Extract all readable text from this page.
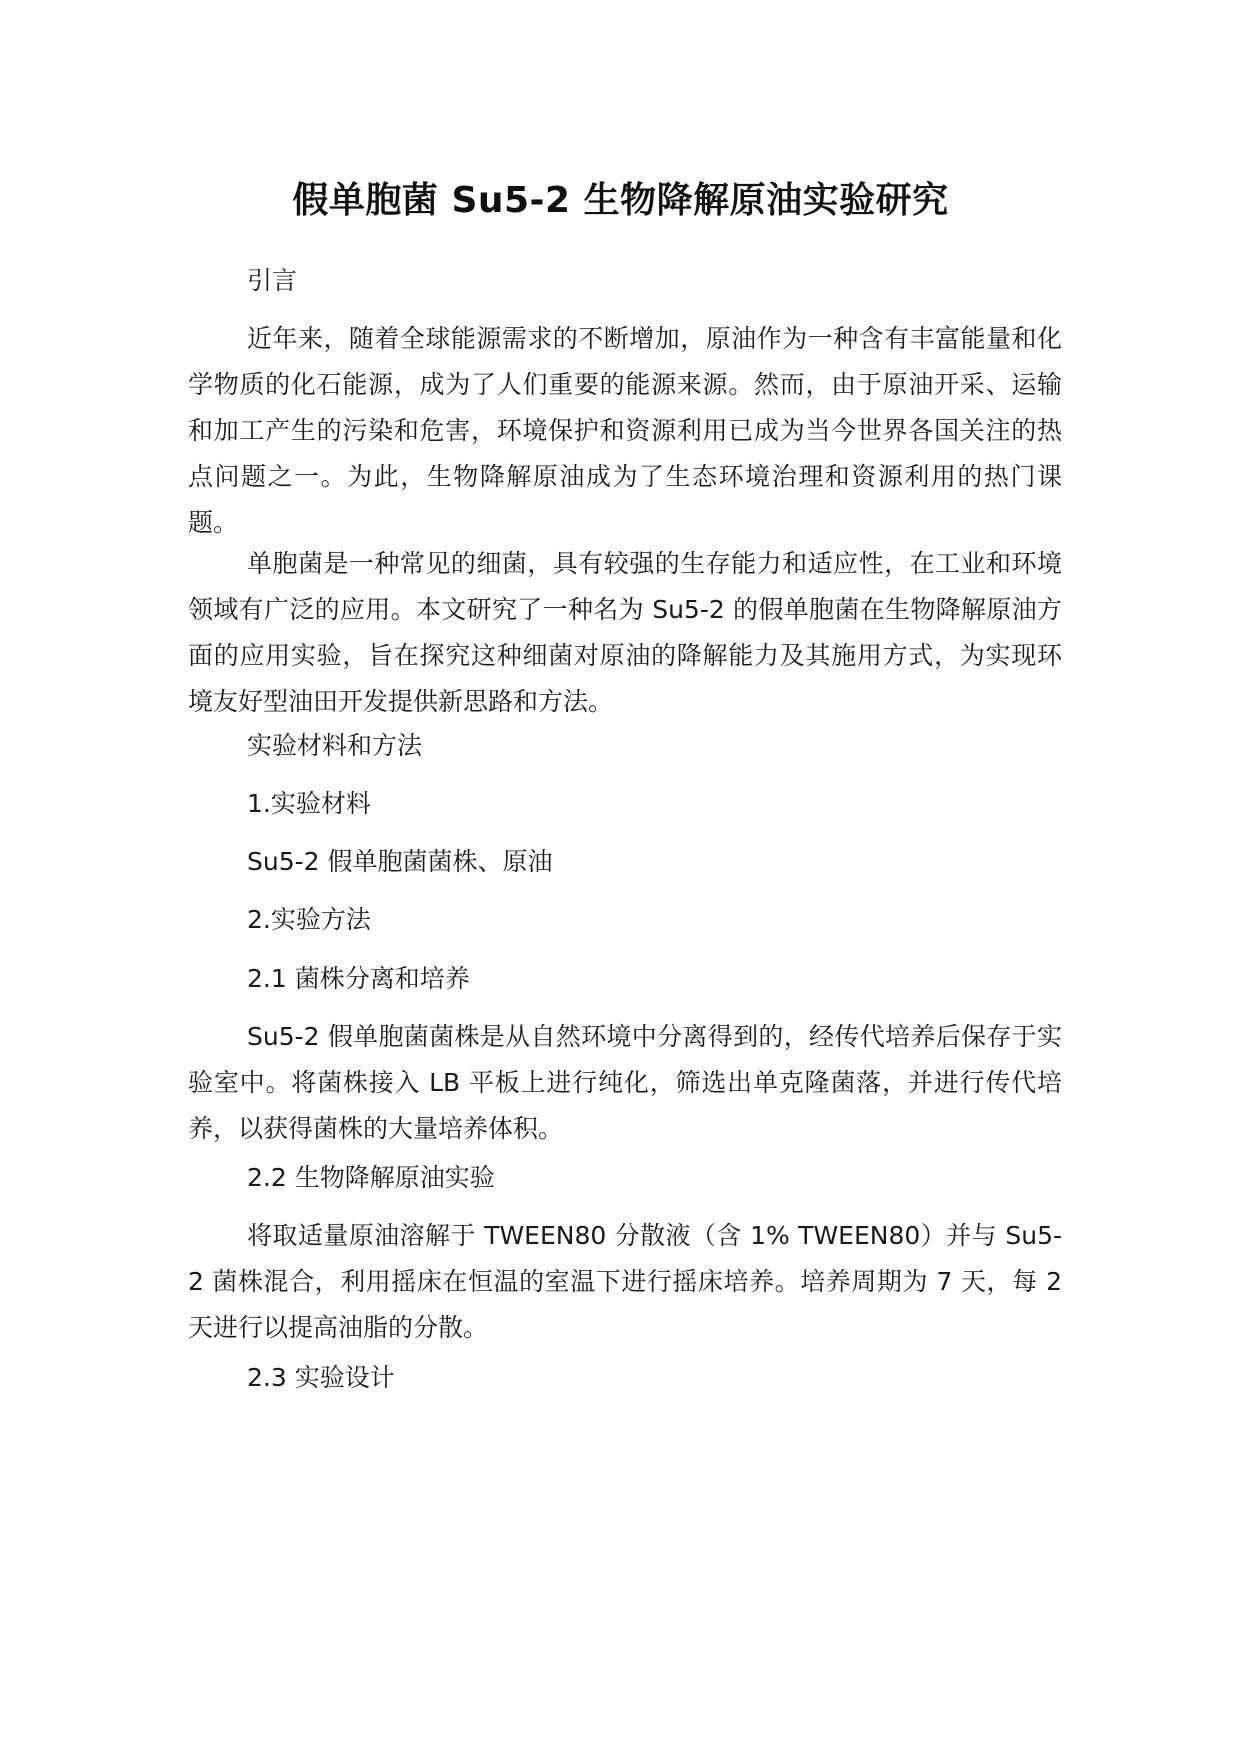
假单胞菌 Su5-2 生物降解原油实验研究
引言
近年来，随着全球能源需求的不断增加，原油作为一种含有丰富能量和化学物质的化石能源，成为了人们重要的能源来源。然而，由于原油开采、运输和加工产生的污染和危害，环境保护和资源利用已成为当今世界各国关注的热点问题之一。为此，生物降解原油成为了生态环境治理和资源利用的热门课题。
单胞菌是一种常见的细菌，具有较强的生存能力和适应性，在工业和环境领域有广泛的应用。本文研究了一种名为 Su5-2 的假单胞菌在生物降解原油方面的应用实验，旨在探究这种细菌对原油的降解能力及其施用方式，为实现环境友好型油田开发提供新思路和方法。
实验材料和方法
1.实验材料
Su5-2 假单胞菌菌株、原油
2.实验方法
2.1 菌株分离和培养
Su5-2 假单胞菌菌株是从自然环境中分离得到的，经传代培养后保存于实验室中。将菌株接入 LB 平板上进行纯化，筛选出单克隆菌落，并进行传代培养，以获得菌株的大量培养体积。
2.2 生物降解原油实验
将取适量原油溶解于 TWEEN80 分散液（含 1% TWEEN80）并与 Su5-2 菌株混合，利用摇床在恒温的室温下进行摇床培养。培养周期为 7 天，每 2 天进行以提高油脂的分散。
2.3 实验设计
